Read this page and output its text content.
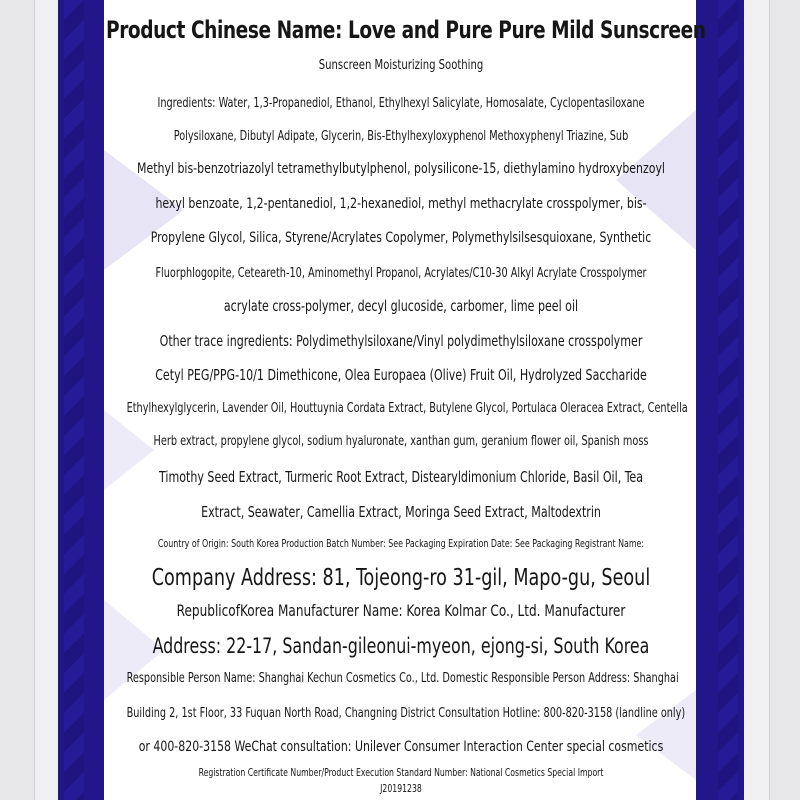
Product Chinese Name: Love and Pure Pure Mild Sunscreen
Sunscreen Moisturizing Soothing
Ingredients: Water, 1,3-Propanediol, Ethanol, Ethylhexyl Salicylate, Homosalate, Cyclopentasiloxane
Polysiloxane, Dibutyl Adipate, Glycerin, Bis-Ethylhexyloxyphenol Methoxyphenyl Triazine, Sub
Methyl bis-benzotriazolyl tetramethylbutylphenol, polysilicone-15, diethylamino hydroxybenzoyl
hexyl benzoate, 1,2-pentanediol, 1,2-hexanediol, methyl methacrylate crosspolymer, bis-
Propylene Glycol, Silica, Styrene/Acrylates Copolymer, Polymethylsilsesquioxane, Synthetic
Fluorphlogopite, Ceteareth-10, Aminomethyl Propanol, Acrylates/C10-30 Alkyl Acrylate Crosspolymer
acrylate cross-polymer, decyl glucoside, carbomer, lime peel oil
Other trace ingredients: Polydimethylsiloxane/Vinyl polydimethylsiloxane crosspolymer
Cetyl PEG/PPG-10/1 Dimethicone, Olea Europaea (Olive) Fruit Oil, Hydrolyzed Saccharide
Ethylhexylglycerin, Lavender Oil, Houttuynia Cordata Extract, Butylene Glycol, Portulaca Oleracea Extract, Centella
Herb extract, propylene glycol, sodium hyaluronate, xanthan gum, geranium flower oil, Spanish moss
Timothy Seed Extract, Turmeric Root Extract, Distearyldimonium Chloride, Basil Oil, Tea
Extract, Seawater, Camellia Extract, Moringa Seed Extract, Maltodextrin
Country of Origin: South Korea Production Batch Number: See Packaging Expiration Date: See Packaging Registrant Name:
Company Address: 81, Tojeong-ro 31-gil, Mapo-gu, Seoul
RepublicofKorea Manufacturer Name: Korea Kolmar Co., Ltd. Manufacturer
Address: 22-17, Sandan-gileonui-myeon, ejong-si, South Korea
Responsible Person Name: Shanghai Kechun Cosmetics Co., Ltd. Domestic Responsible Person Address: Shanghai
Building 2, 1st Floor, 33 Fuquan North Road, Changning District Consultation Hotline: 800-820-3158 (landline only)
or 400-820-3158 WeChat consultation: Unilever Consumer Interaction Center special cosmetics
Registration Certificate Number/Product Execution Standard Number: National Cosmetics Special Import
J20191238
